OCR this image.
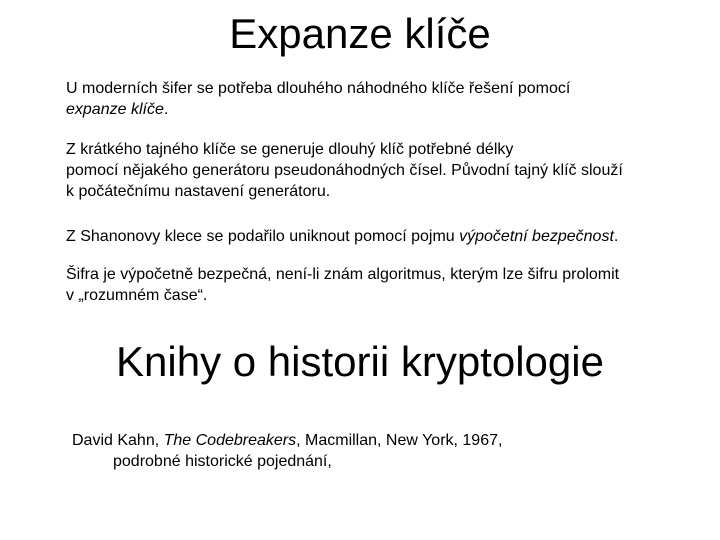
Expanze klíče
U moderních šifer se potřeba dlouhého náhodného klíče řešení pomocí
expanze klíče.
Z krátkého tajného klíče se generuje dlouhý klíč potřebné délky
pomocí nějakého generátoru pseudonáhodných čísel. Původní tajný klíč slouží
k počátečnímu nastavení generátoru.
Z Shanonovy klece se podařilo uniknout pomocí pojmu výpočetní bezpečnost.
Šifra je výpočetně bezpečná, není-li znám algoritmus, kterým lze šifru prolomit
v „rozumném čase“.
Knihy o historii kryptologie
David Kahn, The Codebreakers, Macmillan, New York, 1967,
podrobné historické pojednání,
